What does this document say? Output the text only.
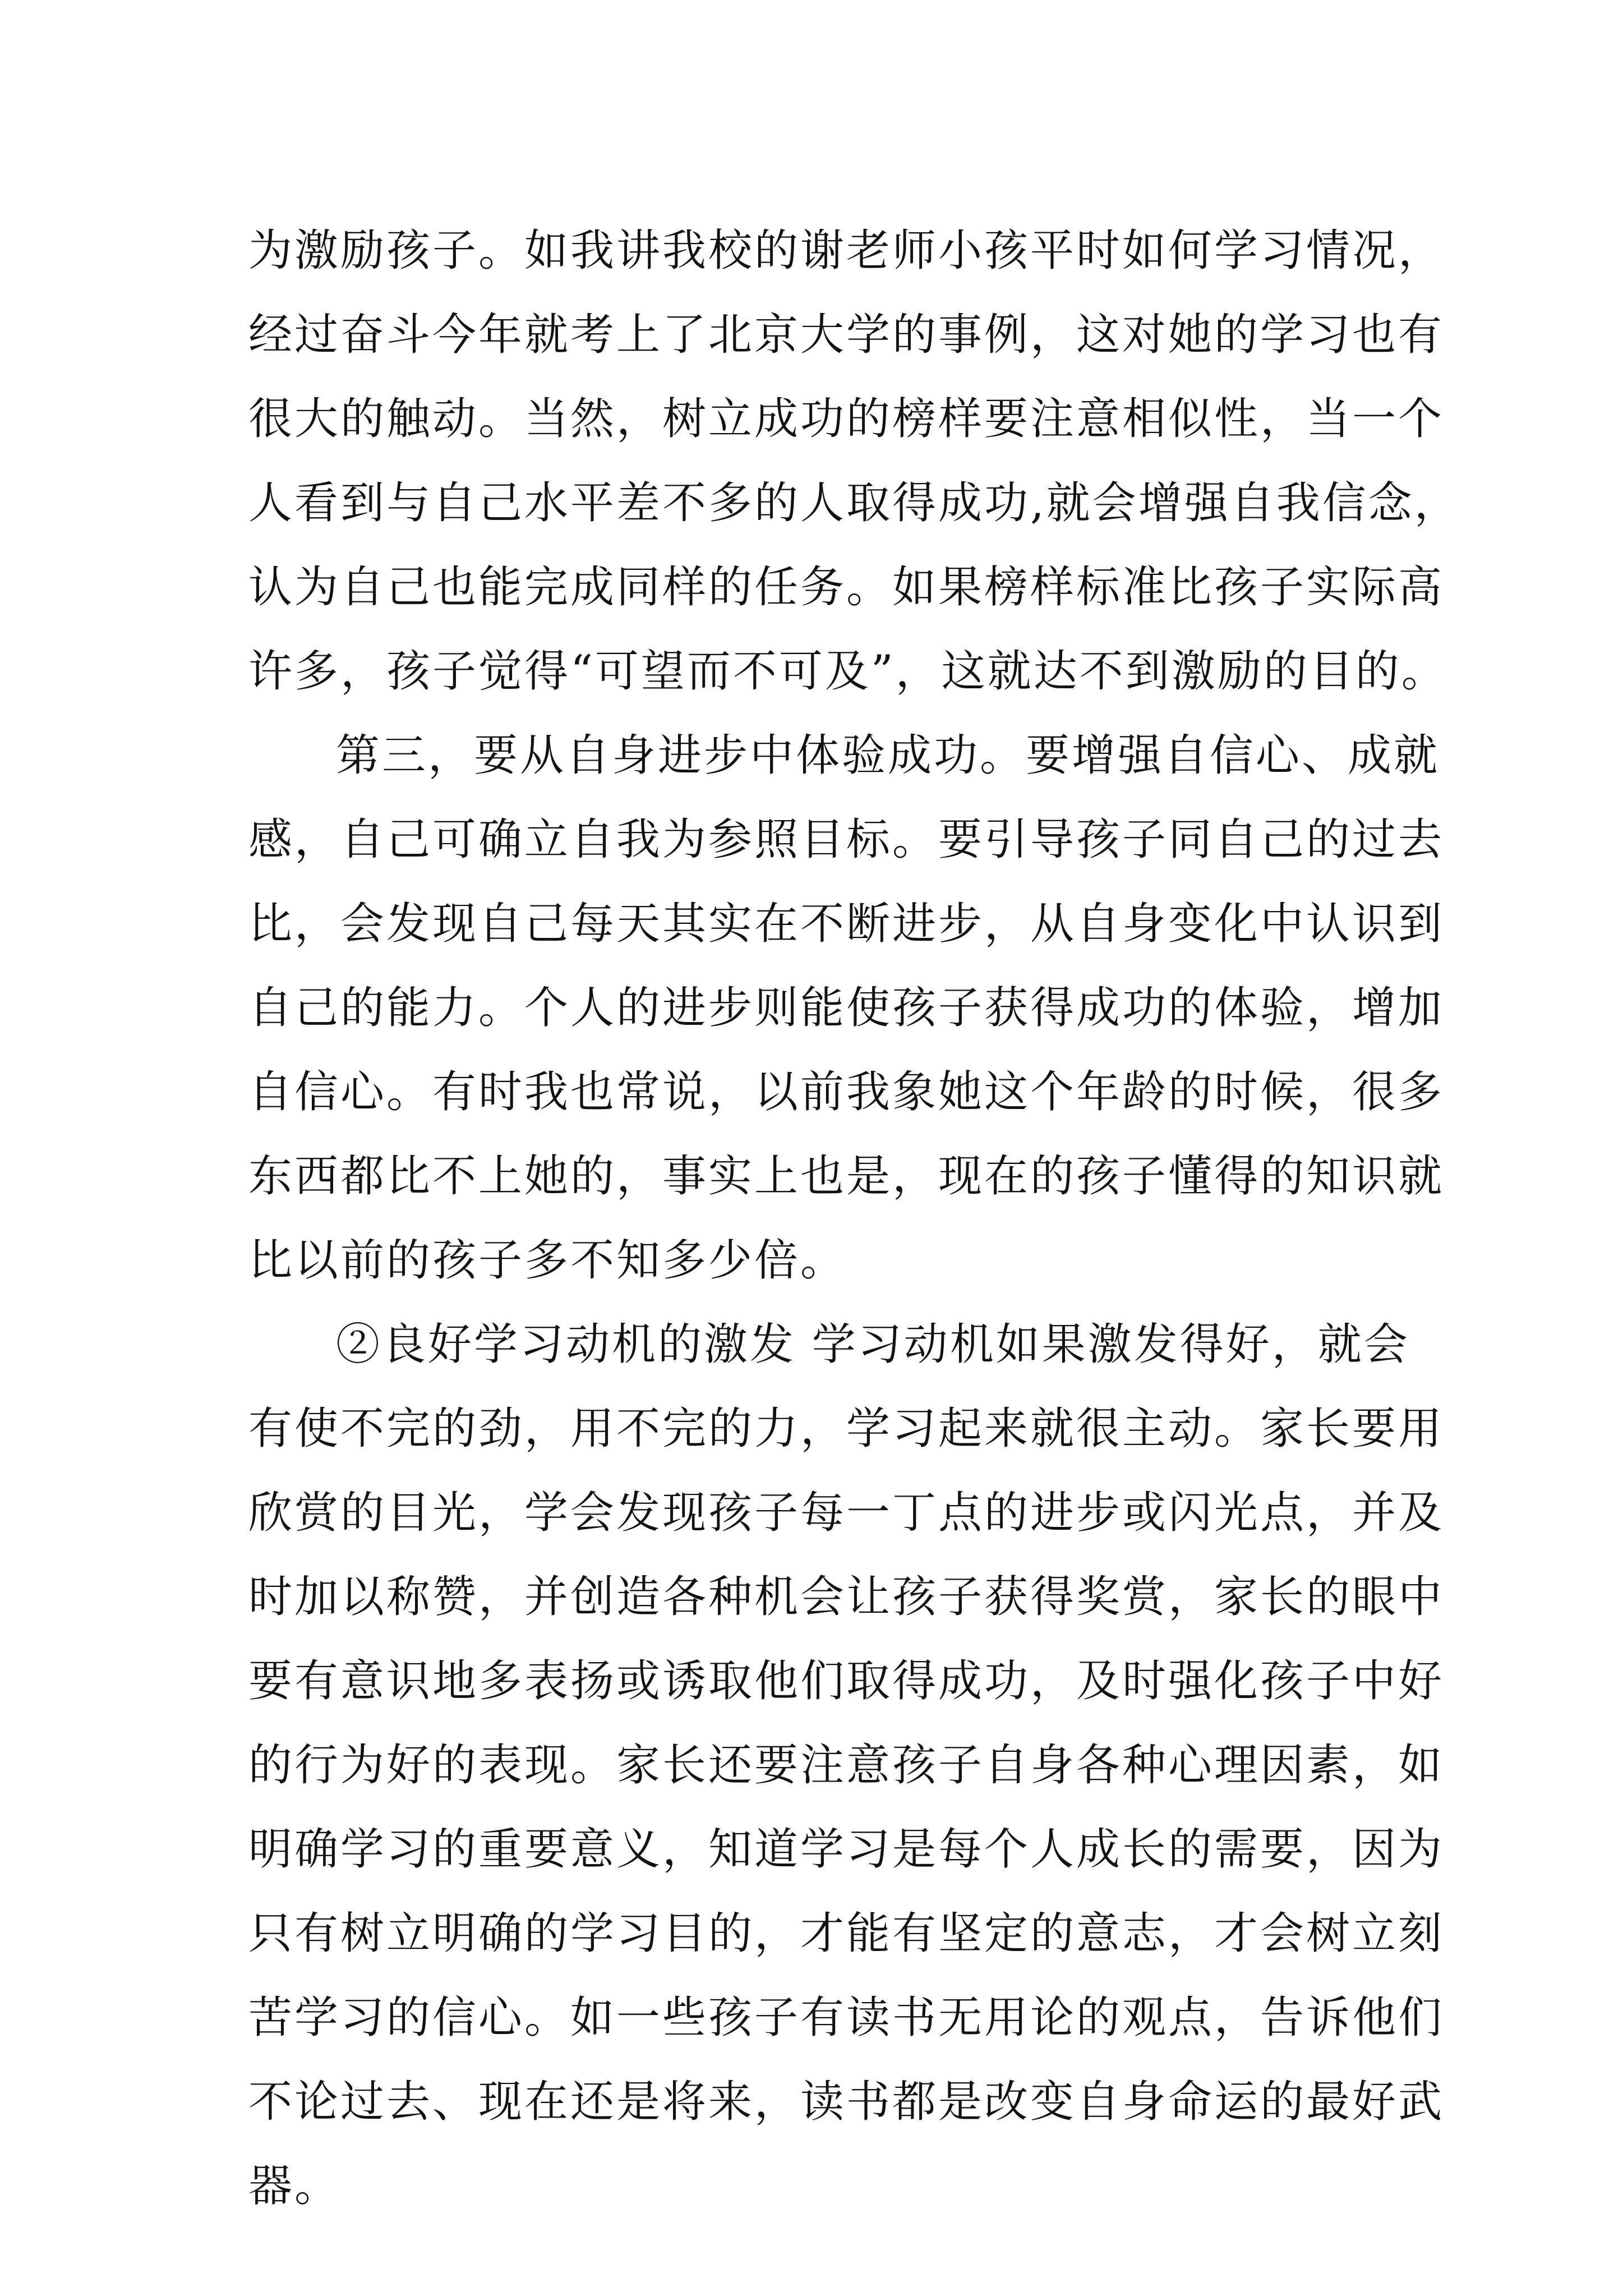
为激励孩子。如我讲我校的谢老师小孩平时如何学习情况，
经过奋斗今年就考上了北京大学的事例，这对她的学习也有
很大的触动。当然，树立成功的榜样要注意相似性，当一个
人看到与自己水平差不多的人取得成功,就会增强自我信念，
认为自己也能完成同样的任务。如果榜样标准比孩子实际高
许多，孩子觉得“可望而不可及”，这就达不到激励的目的。
第三，要从自身进步中体验成功。要增强自信心、成就
感，自己可确立自我为参照目标。要引导孩子同自己的过去
比，会发现自己每天其实在不断进步，从自身变化中认识到
自己的能力。个人的进步则能使孩子获得成功的体验，增加
自信心。有时我也常说，以前我象她这个年龄的时候，很多
东西都比不上她的，事实上也是，现在的孩子懂得的知识就
比以前的孩子多不知多少倍。
②良好学习动机的激发 学习动机如果激发得好，就会
有使不完的劲，用不完的力，学习起来就很主动。家长要用
欣赏的目光，学会发现孩子每一丁点的进步或闪光点，并及
时加以称赞，并创造各种机会让孩子获得奖赏，家长的眼中
要有意识地多表扬或诱取他们取得成功，及时强化孩子中好
的行为好的表现。家长还要注意孩子自身各种心理因素，如
明确学习的重要意义，知道学习是每个人成长的需要，因为
只有树立明确的学习目的，才能有坚定的意志，才会树立刻
苦学习的信心。如一些孩子有读书无用论的观点，告诉他们
不论过去、现在还是将来，读书都是改变自身命运的最好武
器。
